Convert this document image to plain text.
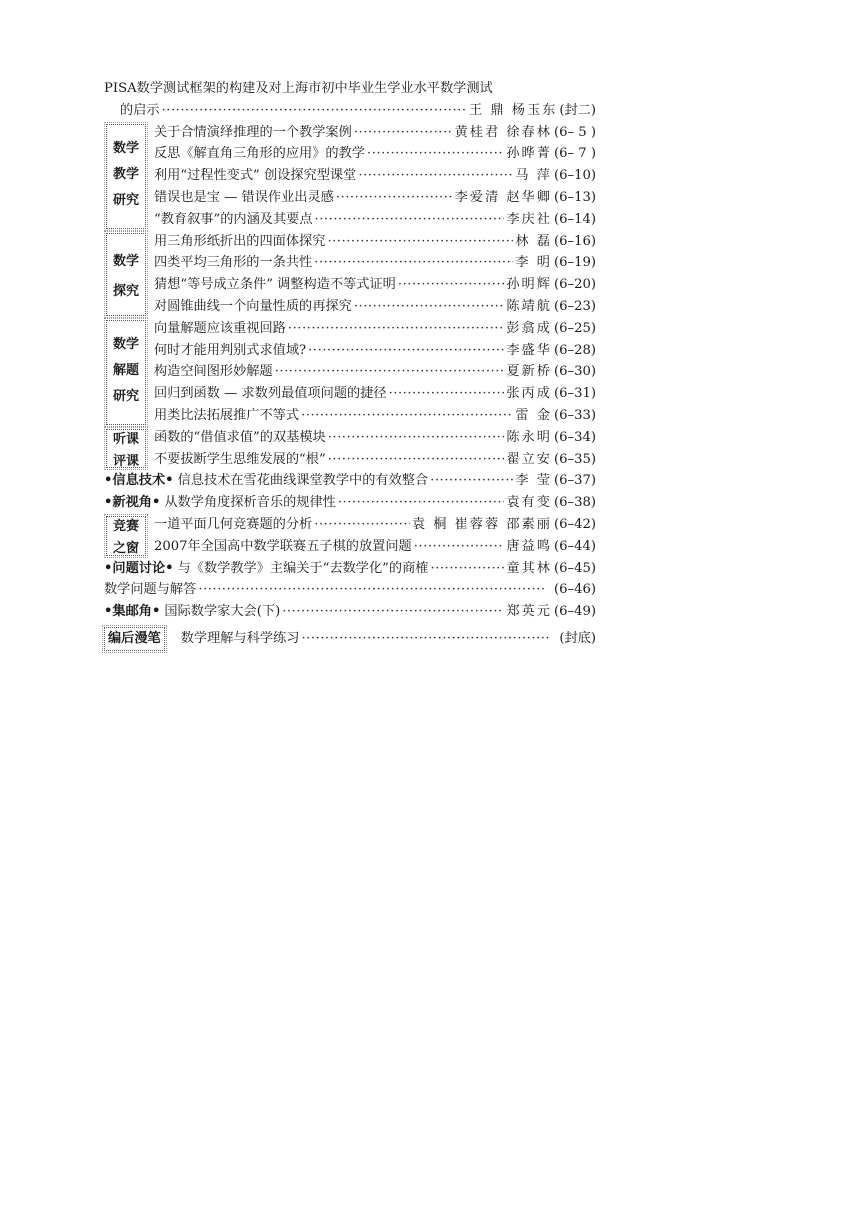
PISA数学测试框架的构建及对上海市初中毕业生学业水平数学测试
的启示 ·····	王 鼎 杨玉东 (封二)
数学
教学
研究
关于合情演绎推理的一个教学案例 ·····	黄桂君 徐春林 (6– 5 )
反思《解直角三角形的应用》的教学 ·····	孙晔菁 (6– 7 )
利用“过程性变式” 创设探究型课堂 ·····	马 萍 (6–10)
错误也是宝 — 错误作业出灵感 ·····	李爱清 赵华卿 (6–13)
“教育叙事”的内涵及其要点 ·····	李庆社 (6–14)
数学
探究
用三角形纸折出的四面体探究 ·····	林 磊 (6–16)
四类平均三角形的一条共性 ·····	李 明 (6–19)
猜想“等号成立条件” 调整构造不等式证明 ·····	孙明辉 (6–20)
对圆锥曲线一个向量性质的再探究 ·····	陈靖航 (6–23)
数学
解题
研究
向量解题应该重视回路 ·····	彭翕成 (6–25)
何时才能用判别式求值域? ·····	李盛华 (6–28)
构造空间图形妙解题 ·····	夏新桥 (6–30)
回归到函数 — 求数列最值项问题的捷径 ·····	张丙成 (6–31)
用类比法拓展推广不等式 ·····	雷 金 (6–33)
听课
评课
函数的“借值求值”的双基模块 ·····	陈永明 (6–34)
不要拔断学生思维发展的“根” ·····	翟立安 (6–35)
•信息技术• 信息技术在雪花曲线课堂教学中的有效整合 ·····	李 莹 (6–37)
•新视角• 从数学角度探析音乐的规律性 ·····	袁有变 (6–38)
竞赛
之窗
一道平面几何竞赛题的分析 ·····	袁 桐 崔蓉蓉 邵素丽 (6–42)
2007年全国高中数学联赛五子棋的放置问题 ·····	唐益鸣 (6–44)
•问题讨论• 与《数学教学》主编关于“去数学化”的商榷 ·····	童其林 (6–45)
数学问题与解答 ·····	(6–46)
•集邮角• 国际数学家大会(下) ·····	郑英元 (6–49)
编后漫笔	数学理解与科学练习 ·····	(封底)
